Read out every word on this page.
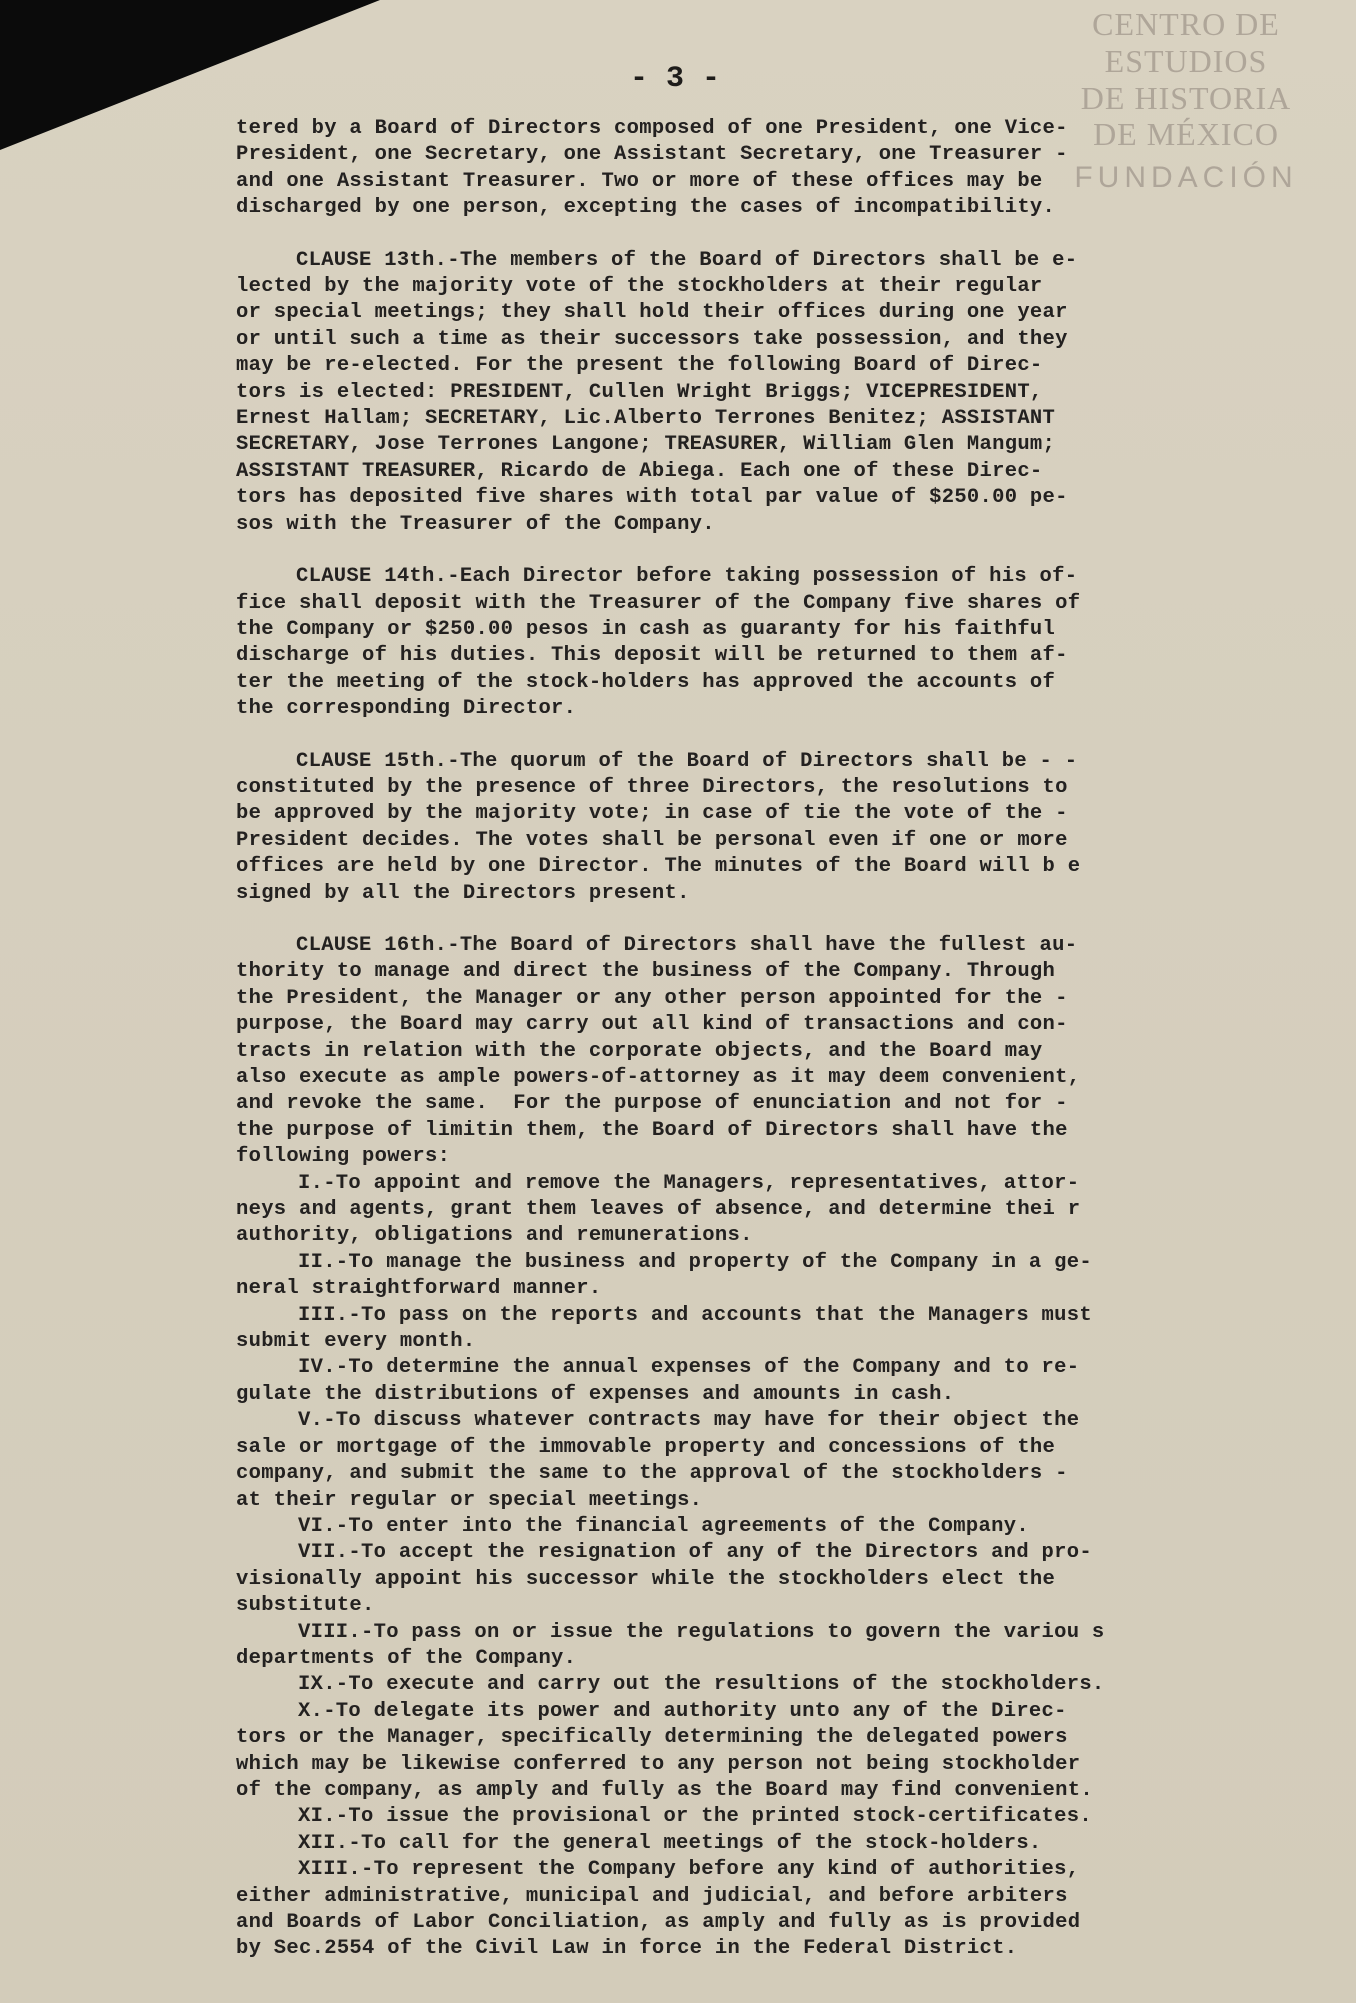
CENTRO DE
ESTUDIOS
DE HISTORIA
DE MÉXICO
FUNDACIÓN
- 3 -
tered by a Board of Directors composed of one President, one Vice-
President, one Secretary, one Assistant Secretary, one Treasurer -
and one Assistant Treasurer. Two or more of these offices may be
discharged by one person, excepting the cases of incompatibility.
CLAUSE 13th.-The members of the Board of Directors shall be e-
lected by the majority vote of the stockholders at their regular
or special meetings; they shall hold their offices during one year
or until such a time as their successors take possession, and they
may be re-elected. For the present the following Board of Direc-
tors is elected: PRESIDENT, Cullen Wright Briggs; VICEPRESIDENT,
Ernest Hallam; SECRETARY, Lic.Alberto Terrones Benitez; ASSISTANT
SECRETARY, Jose Terrones Langone; TREASURER, William Glen Mangum;
ASSISTANT TREASURER, Ricardo de Abiega. Each one of these Direc-
tors has deposited five shares with total par value of $250.00 pe-
sos with the Treasurer of the Company.
CLAUSE 14th.-Each Director before taking possession of his of-
fice shall deposit with the Treasurer of the Company five shares of
the Company or $250.00 pesos in cash as guaranty for his faithful
discharge of his duties. This deposit will be returned to them af-
ter the meeting of the stock-holders has approved the accounts of
the corresponding Director.
CLAUSE 15th.-The quorum of the Board of Directors shall be - -
constituted by the presence of three Directors, the resolutions to
be approved by the majority vote; in case of tie the vote of the -
President decides. The votes shall be personal even if one or more
offices are held by one Director. The minutes of the Board will b e
signed by all the Directors present.
CLAUSE 16th.-The Board of Directors shall have the fullest au-
thority to manage and direct the business of the Company. Through
the President, the Manager or any other person appointed for the -
purpose, the Board may carry out all kind of transactions and con-
tracts in relation with the corporate objects, and the Board may
also execute as ample powers-of-attorney as it may deem convenient,
and revoke the same.  For the purpose of enunciation and not for -
the purpose of limitin them, the Board of Directors shall have the
following powers:
I.-To appoint and remove the Managers, representatives, attor-
neys and agents, grant them leaves of absence, and determine thei r
authority, obligations and remunerations.
II.-To manage the business and property of the Company in a ge-
neral straightforward manner.
III.-To pass on the reports and accounts that the Managers must
submit every month.
IV.-To determine the annual expenses of the Company and to re-
gulate the distributions of expenses and amounts in cash.
V.-To discuss whatever contracts may have for their object the
sale or mortgage of the immovable property and concessions of the
company, and submit the same to the approval of the stockholders -
at their regular or special meetings.
VI.-To enter into the financial agreements of the Company.
VII.-To accept the resignation of any of the Directors and pro-
visionally appoint his successor while the stockholders elect the
substitute.
VIII.-To pass on or issue the regulations to govern the variou s
departments of the Company.
IX.-To execute and carry out the resultions of the stockholders.
X.-To delegate its power and authority unto any of the Direc-
tors or the Manager, specifically determining the delegated powers
which may be likewise conferred to any person not being stockholder
of the company, as amply and fully as the Board may find convenient.
XI.-To issue the provisional or the printed stock-certificates.
XII.-To call for the general meetings of the stock-holders.
XIII.-To represent the Company before any kind of authorities,
either administrative, municipal and judicial, and before arbiters
and Boards of Labor Conciliation, as amply and fully as is provided
by Sec.2554 of the Civil Law in force in the Federal District.
